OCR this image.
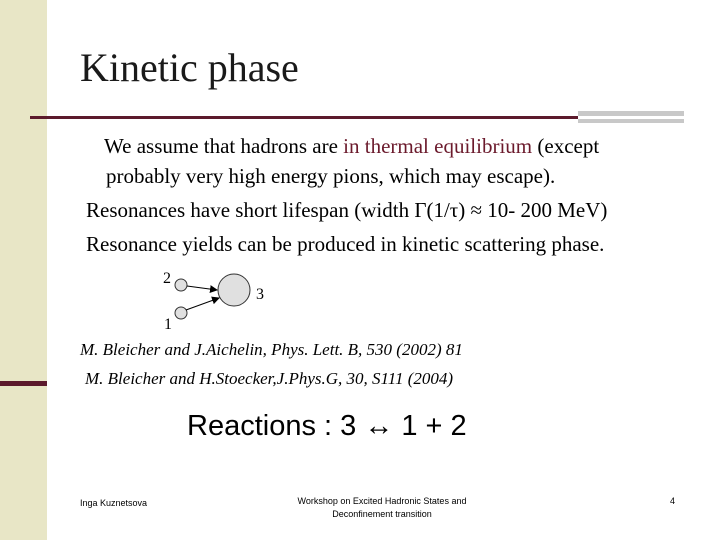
Kinetic phase
We assume that hadrons are in thermal equilibrium (except
probably very high energy pions, which may escape).
Resonances have short lifespan (width Γ(1/τ) ≈ 10- 200 MeV)
Resonance yields can be produced in kinetic scattering phase.
2
3
1
M. Bleicher and J.Aichelin, Phys. Lett. B, 530 (2002) 81
M. Bleicher and H.Stoecker,J.Phys.G, 30, S111 (2004)
Reactions : 3 ↔ 1 + 2
Inga Kuznetsova	Workshop on Excited Hadronic States and Deconfinement transition
4
